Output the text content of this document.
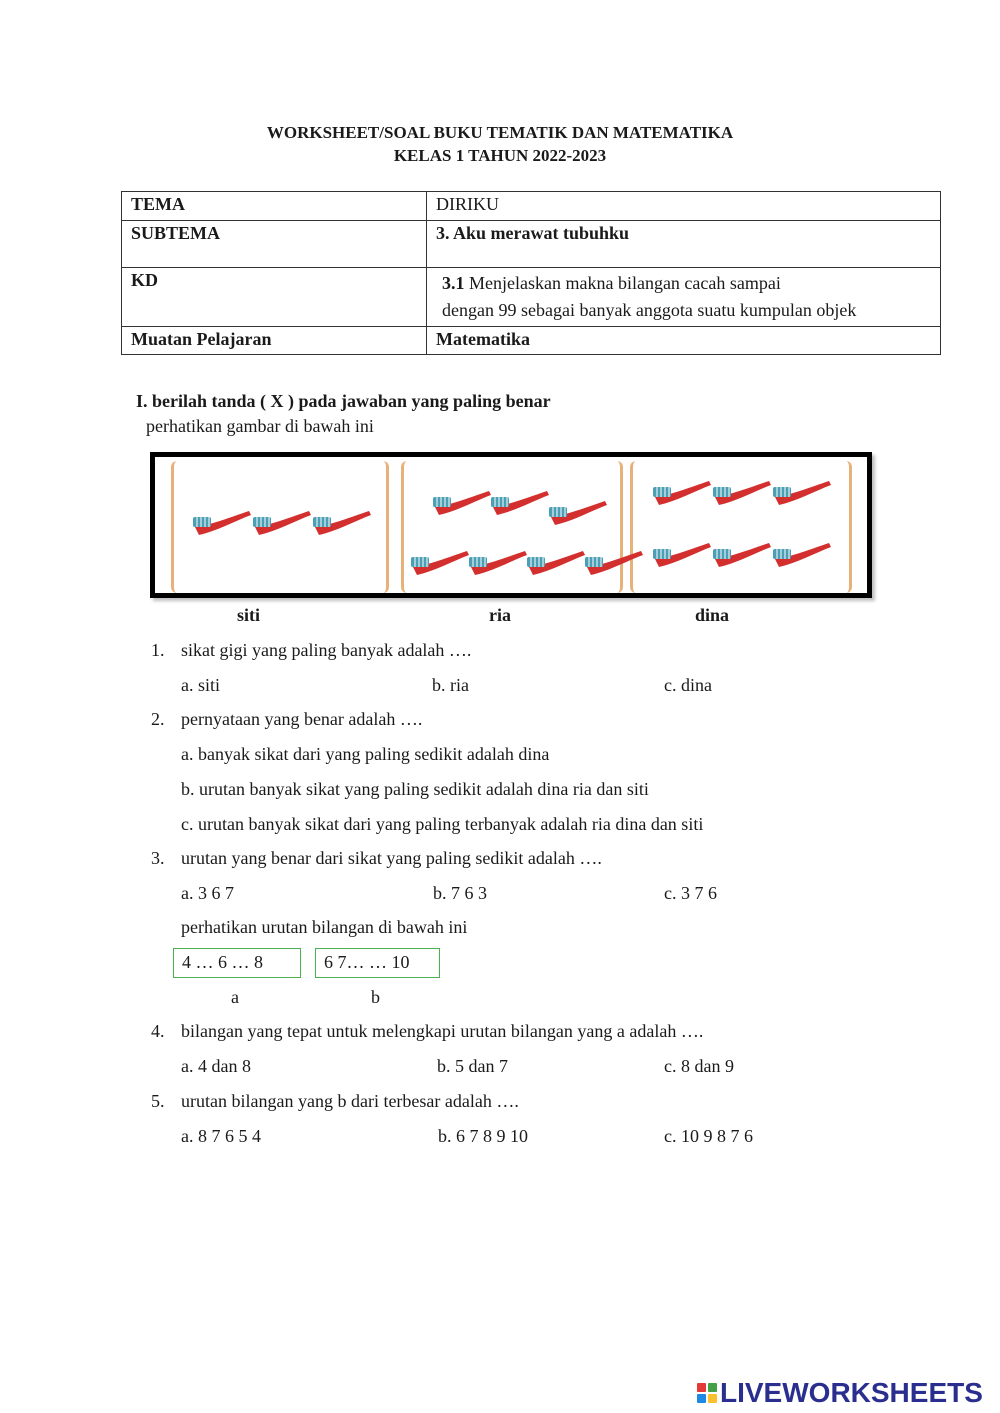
WORKSHEET/SOAL BUKU TEMATIK DAN MATEMATIKA
KELAS 1 TAHUN 2022-2023
TEMA	DIRIKU
SUBTEMA	3. Aku merawat tubuhku
KD	3.1 Menjelaskan makna bilangan cacah sampai
dengan 99 sebagai banyak anggota suatu kumpulan objek
Muatan Pelajaran	Matematika
I. berilah tanda ( X ) pada jawaban yang paling benar
perhatikan gambar di bawah ini
siti	ria	dina
1. sikat gigi yang paling banyak adalah ….
a. siti	b. ria	c. dina
2. pernyataan yang benar adalah ….
a. banyak sikat dari yang paling sedikit adalah dina
b. urutan banyak sikat yang paling sedikit adalah dina ria dan siti
c. urutan banyak sikat dari yang paling terbanyak adalah ria dina dan siti
3. urutan yang benar dari sikat yang paling sedikit adalah ….
a. 3 6 7	b. 7 6 3	c. 3 7 6
perhatikan urutan bilangan di bawah ini
4 … 6 … 8	6 7… … 10
a	b
4. bilangan yang tepat untuk melengkapi urutan bilangan yang a adalah ….
a. 4 dan 8	b. 5 dan 7	c. 8 dan 9
5. urutan bilangan yang b dari terbesar adalah ….
a. 8 7 6 5 4	b. 6 7 8 9 10	c. 10 9 8 7 6
LIVEWORKSHEETS
